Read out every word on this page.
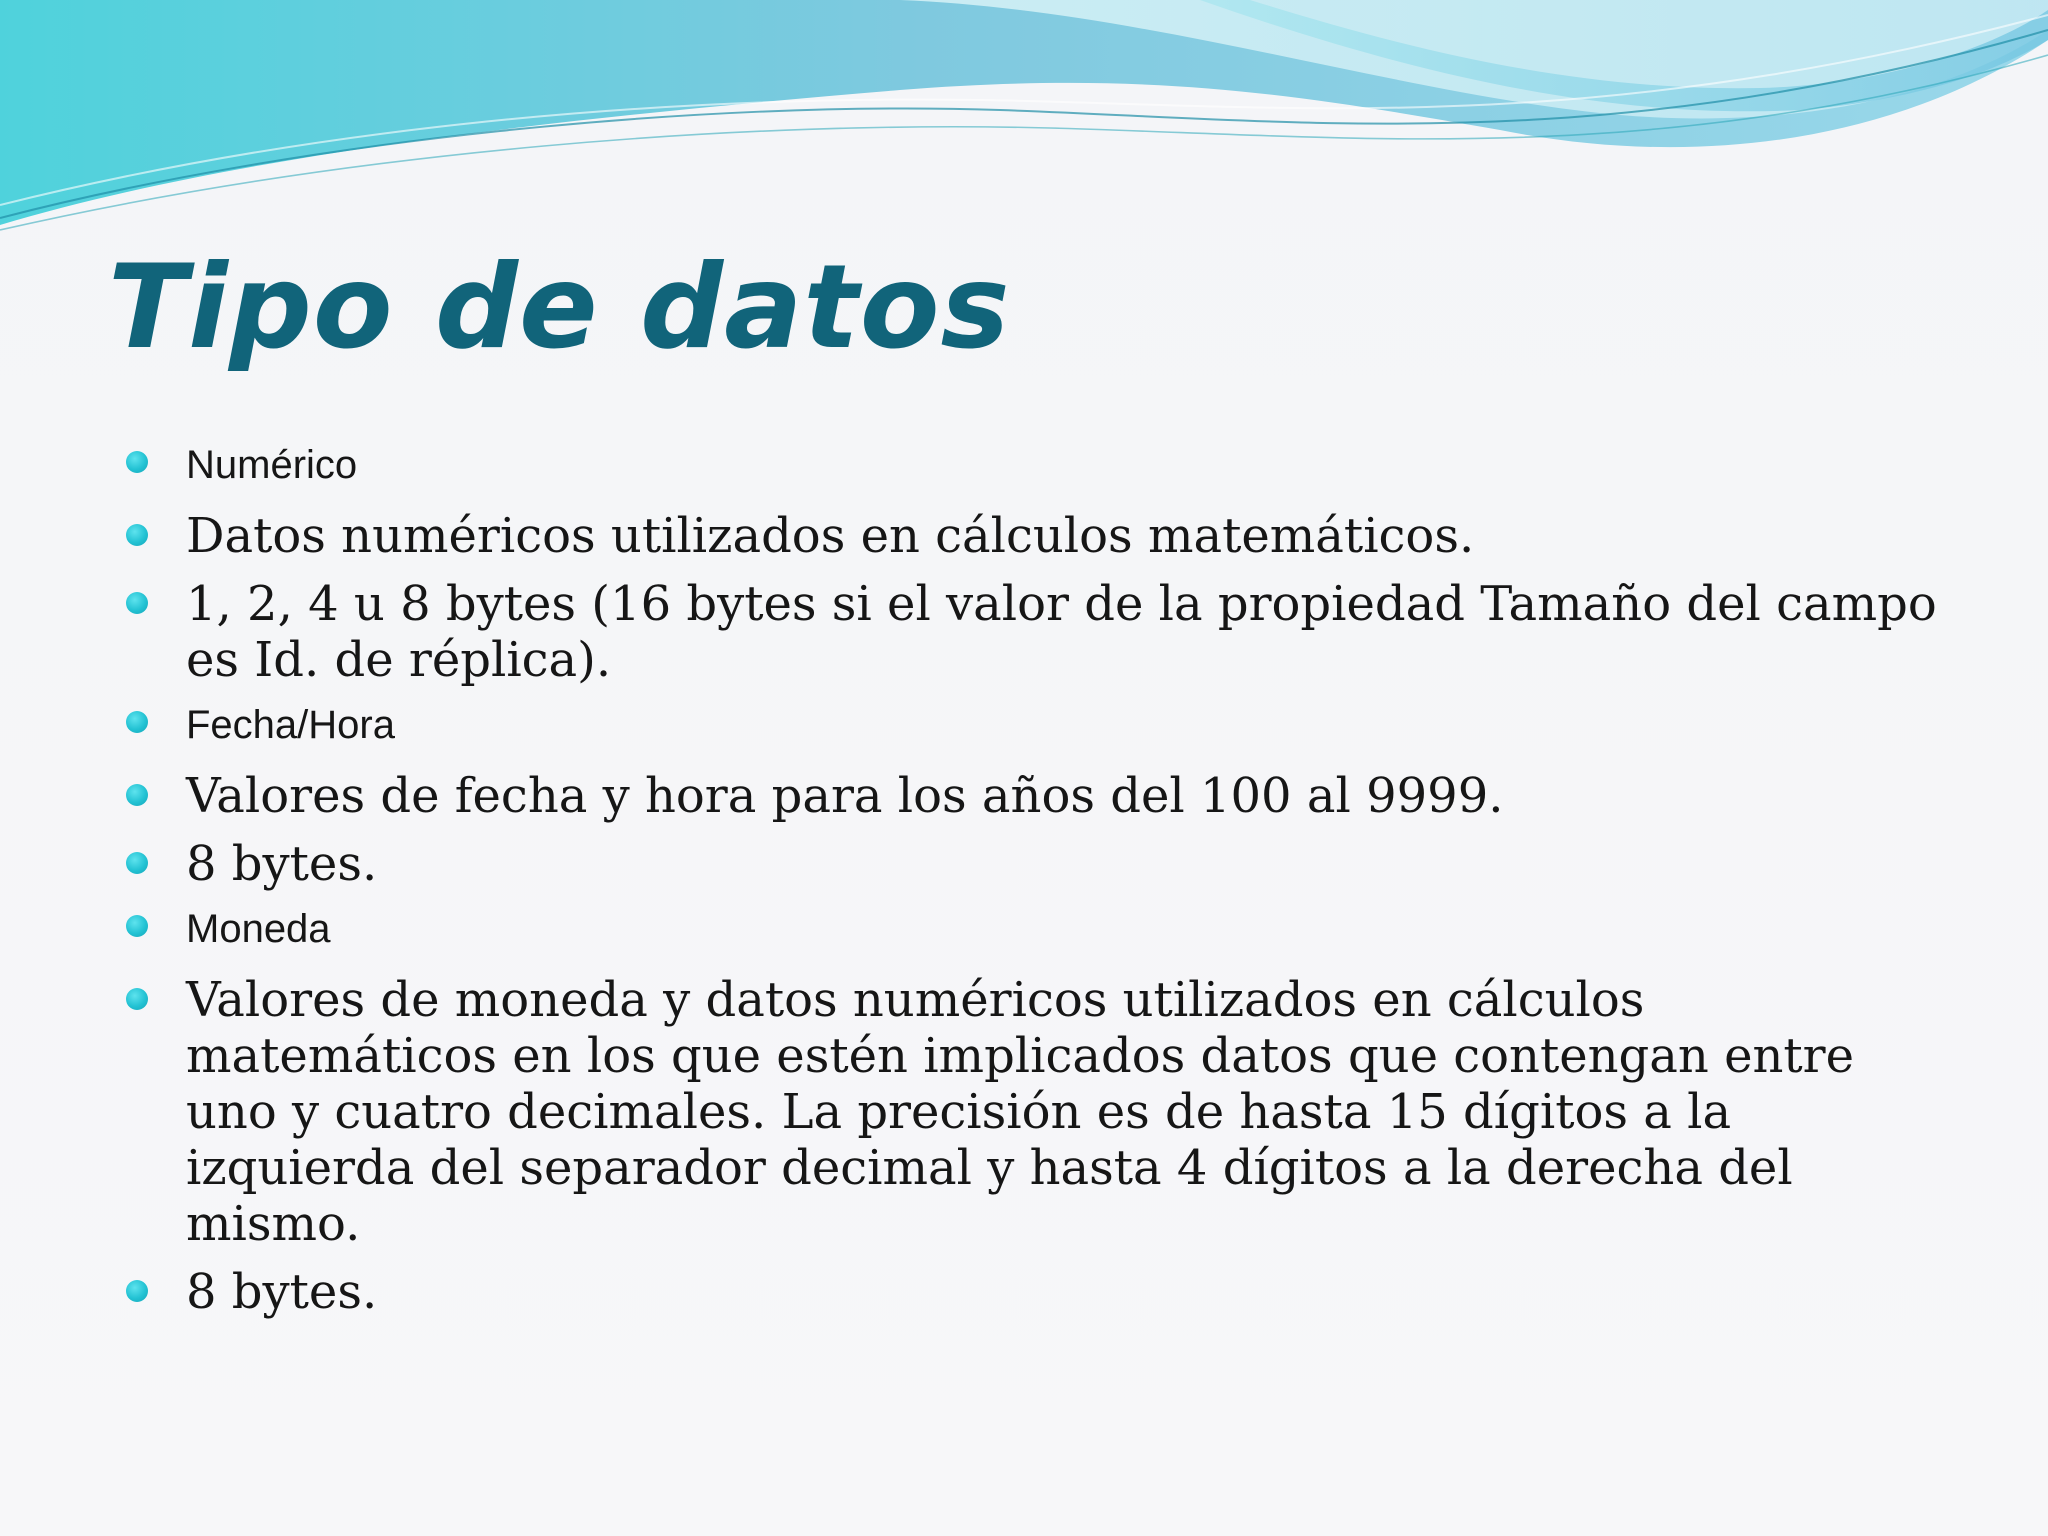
Tipo de datos
Numérico
Datos numéricos utilizados en cálculos matemáticos.
1, 2, 4 u 8 bytes (16 bytes si el valor de la propiedad Tamaño del campo es Id. de réplica).
Fecha/Hora
Valores de fecha y hora para los años del 100 al 9999.
8 bytes.
Moneda
Valores de moneda y datos numéricos utilizados en cálculos matemáticos en los que estén implicados datos que contengan entre uno y cuatro decimales. La precisión es de hasta 15 dígitos a la izquierda del separador decimal y hasta 4 dígitos a la derecha del mismo.
8 bytes.
